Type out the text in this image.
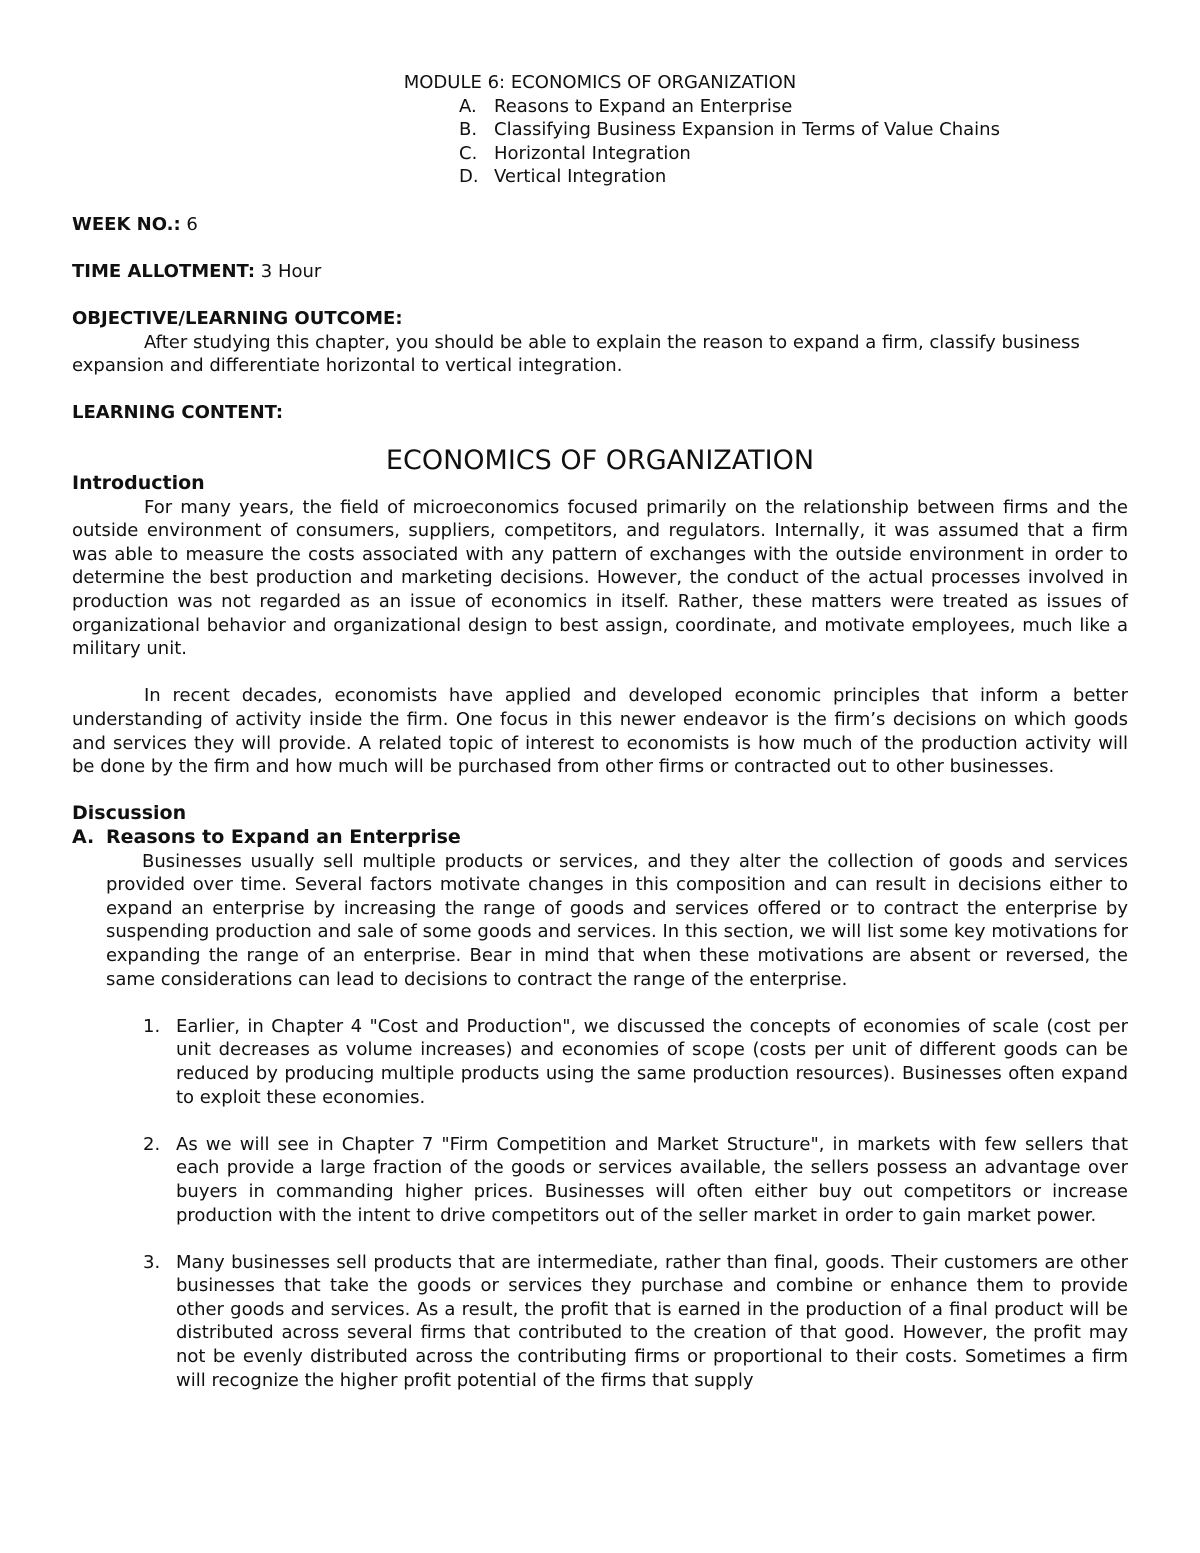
MODULE 6: ECONOMICS OF ORGANIZATION
A. Reasons to Expand an Enterprise
B. Classifying Business Expansion in Terms of Value Chains
C. Horizontal Integration
D. Vertical Integration

WEEK NO.: 6

TIME ALLOTMENT: 3 Hour

OBJECTIVE/LEARNING OUTCOME:

After studying this chapter, you should be able to explain the reason to expand a firm, classify business expansion and differentiate horizontal to vertical integration.

LEARNING CONTENT:

ECONOMICS OF ORGANIZATION
Introduction

For many years, the field of microeconomics focused primarily on the relationship between firms and the outside environment of consumers, suppliers, competitors, and regulators. Internally, it was assumed that a firm was able to measure the costs associated with any pattern of exchanges with the outside environment in order to determine the best production and marketing decisions. However, the conduct of the actual processes involved in production was not regarded as an issue of economics in itself. Rather, these matters were treated as issues of organizational behavior and organizational design to best assign, coordinate, and motivate employees, much like a military unit.

In recent decades, economists have applied and developed economic principles that inform a better understanding of activity inside the firm. One focus in this newer endeavor is the firm’s decisions on which goods and services they will provide. A related topic of interest to economists is how much of the production activity will be done by the firm and how much will be purchased from other firms or contracted out to other businesses.

Discussion
A. Reasons to Expand an Enterprise

Businesses usually sell multiple products or services, and they alter the collection of goods and services provided over time. Several factors motivate changes in this composition and can result in decisions either to expand an enterprise by increasing the range of goods and services offered or to contract the enterprise by suspending production and sale of some goods and services. In this section, we will list some key motivations for expanding the range of an enterprise. Bear in mind that when these motivations are absent or reversed, the same considerations can lead to decisions to contract the range of the enterprise.

1. Earlier, in Chapter 4 "Cost and Production", we discussed the concepts of economies of scale (cost per unit decreases as volume increases) and economies of scope (costs per unit of different goods can be reduced by producing multiple products using the same production resources). Businesses often expand to exploit these economies.
2. As we will see in Chapter 7 "Firm Competition and Market Structure", in markets with few sellers that each provide a large fraction of the goods or services available, the sellers possess an advantage over buyers in commanding higher prices. Businesses will often either buy out competitors or increase production with the intent to drive competitors out of the seller market in order to gain market power.
3. Many businesses sell products that are intermediate, rather than final, goods. Their customers are other businesses that take the goods or services they purchase and combine or enhance them to provide other goods and services. As a result, the profit that is earned in the production of a final product will be distributed across several firms that contributed to the creation of that good. However, the profit may not be evenly distributed across the contributing firms or proportional to their costs. Sometimes a firm will recognize the higher profit potential of the firms that supply
